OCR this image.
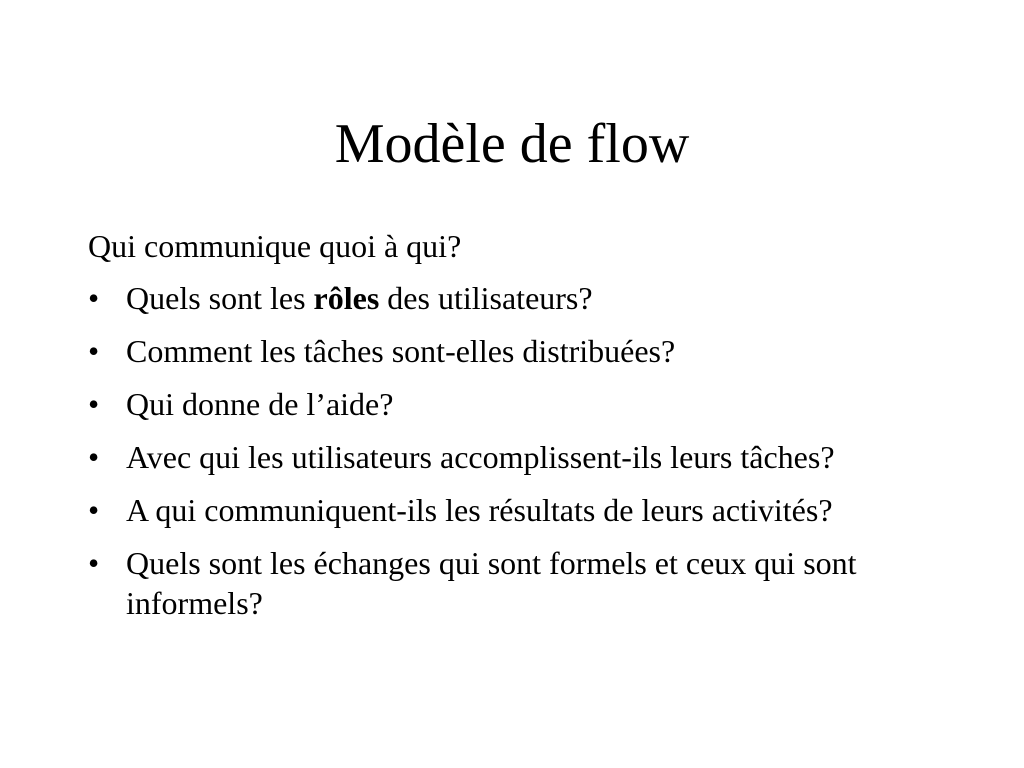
Modèle de flow

Qui communique quoi à qui?

• Quels sont les rôles des utilisateurs?
• Comment les tâches sont-elles distribuées?
• Qui donne de l’aide?
• Avec qui les utilisateurs accomplissent-ils leurs tâches?
• A qui communiquent-ils les résultats de leurs activités?
• Quels sont les échanges qui sont formels et ceux qui sont informels?
